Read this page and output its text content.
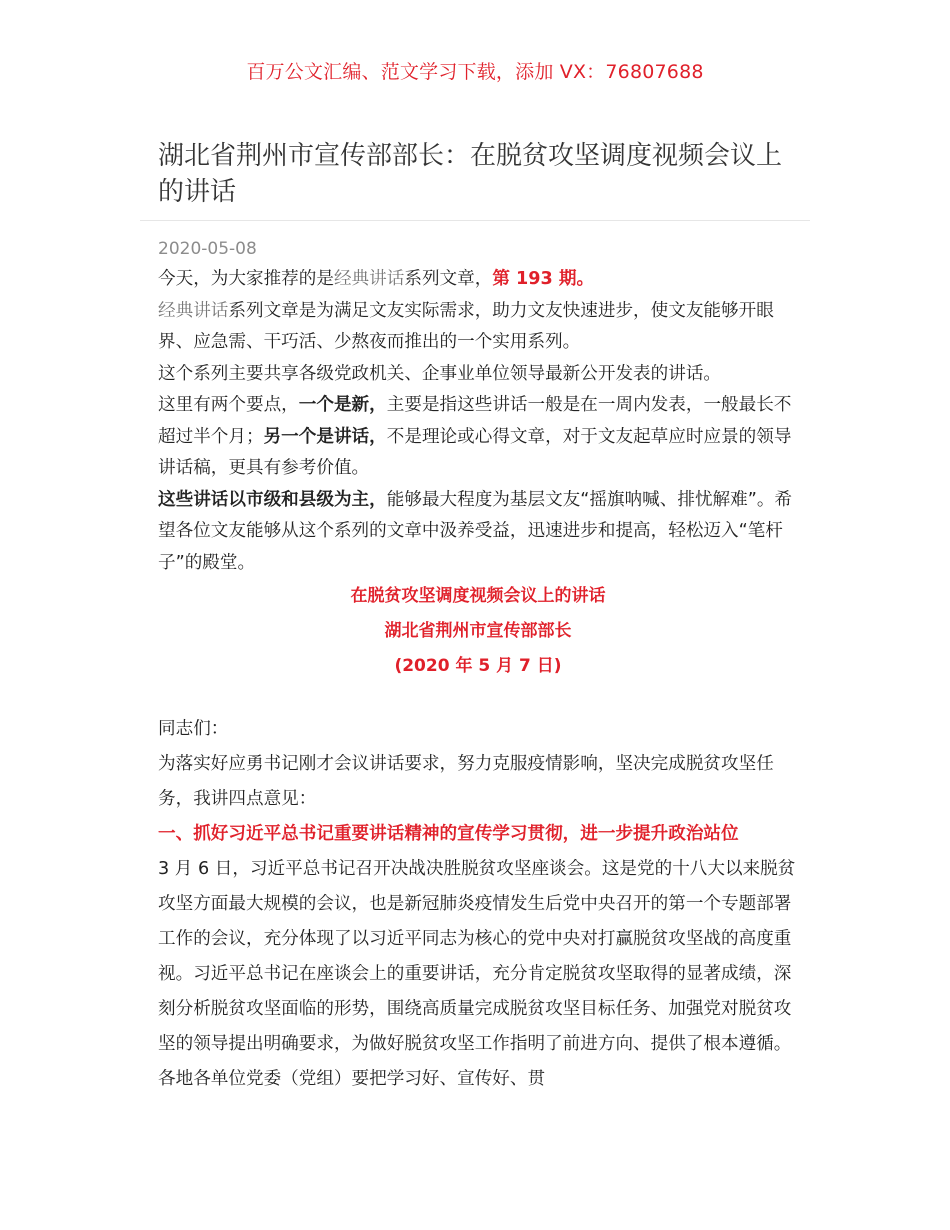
百万公文汇编、范文学习下载，添加 VX：76807688
湖北省荆州市宣传部部长：在脱贫攻坚调度视频会议上的讲话
2020-05-08

今天，为大家推荐的是经典讲话系列文章，第 193 期。

经典讲话系列文章是为满足文友实际需求，助力文友快速进步，使文友能够开眼界、应急需、干巧活、少熬夜而推出的一个实用系列。

这个系列主要共享各级党政机关、企事业单位领导最新公开发表的讲话。

这里有两个要点，一个是新，主要是指这些讲话一般是在一周内发表，一般最长不超过半个月；另一个是讲话，不是理论或心得文章，对于文友起草应时应景的领导讲话稿，更具有参考价值。

这些讲话以市级和县级为主，能够最大程度为基层文友“摇旗呐喊、排忧解难”。希望各位文友能够从这个系列的文章中汲养受益，迅速进步和提高，轻松迈入“笔杆子”的殿堂。

在脱贫攻坚调度视频会议上的讲话
湖北省荆州市宣传部部长
(2020 年 5 月 7 日)

同志们：

为落实好应勇书记刚才会议讲话要求，努力克服疫情影响，坚决完成脱贫攻坚任务，我讲四点意见：

一、抓好习近平总书记重要讲话精神的宣传学习贯彻，进一步提升政治站位

3 月 6 日，习近平总书记召开决战决胜脱贫攻坚座谈会。这是党的十八大以来脱贫攻坚方面最大规模的会议，也是新冠肺炎疫情发生后党中央召开的第一个专题部署工作的会议，充分体现了以习近平同志为核心的党中央对打赢脱贫攻坚战的高度重视。习近平总书记在座谈会上的重要讲话，充分肯定脱贫攻坚取得的显著成绩，深刻分析脱贫攻坚面临的形势，围绕高质量完成脱贫攻坚目标任务、加强党对脱贫攻坚的领导提出明确要求，为做好脱贫攻坚工作指明了前进方向、提供了根本遵循。各地各单位党委（党组）要把学习好、宣传好、贯
